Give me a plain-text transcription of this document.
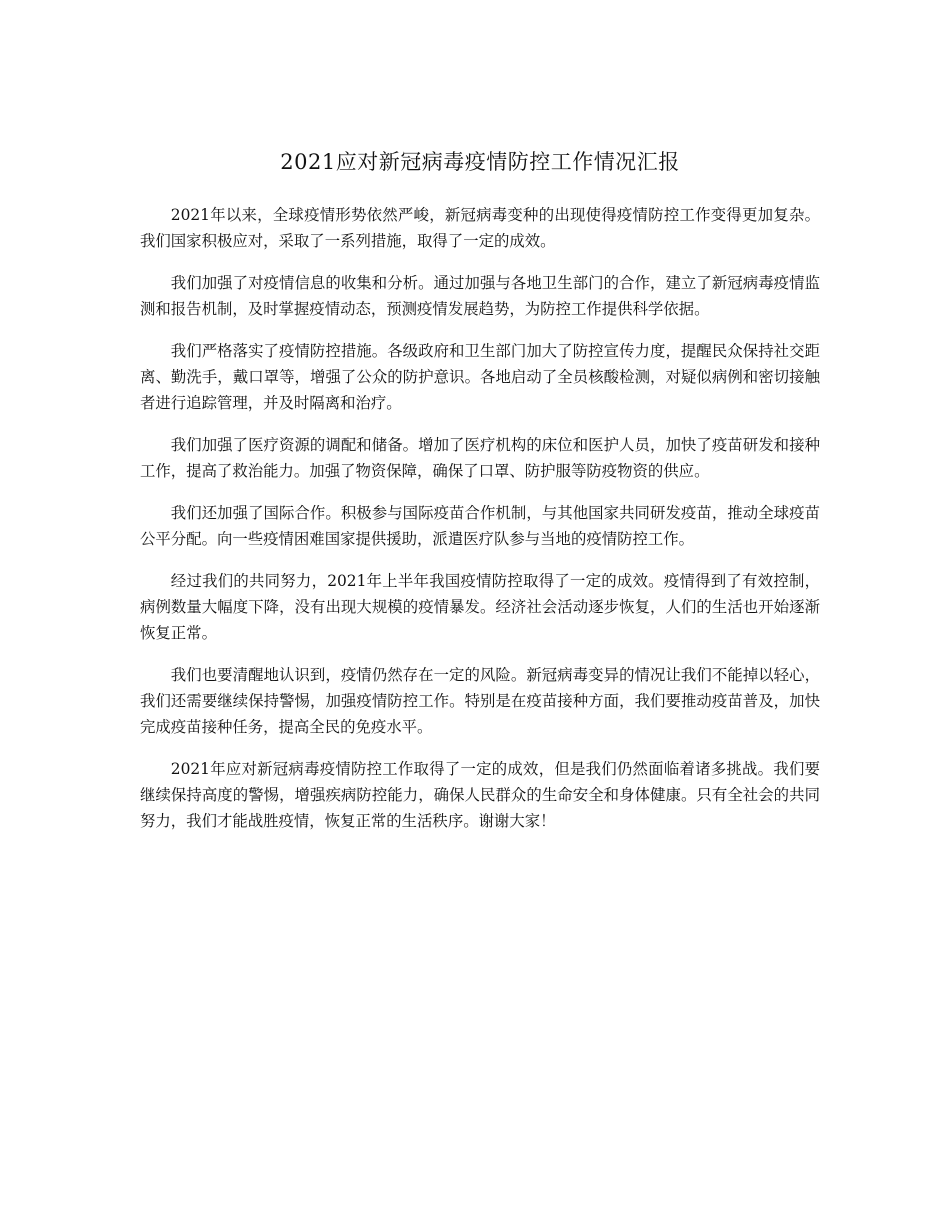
2021应对新冠病毒疫情防控工作情况汇报

2021年以来，全球疫情形势依然严峻，新冠病毒变种的出现使得疫情防控工作变得更加复杂。我们国家积极应对，采取了一系列措施，取得了一定的成效。

我们加强了对疫情信息的收集和分析。通过加强与各地卫生部门的合作，建立了新冠病毒疫情监测和报告机制，及时掌握疫情动态，预测疫情发展趋势，为防控工作提供科学依据。

我们严格落实了疫情防控措施。各级政府和卫生部门加大了防控宣传力度，提醒民众保持社交距离、勤洗手，戴口罩等，增强了公众的防护意识。各地启动了全员核酸检测，对疑似病例和密切接触者进行追踪管理，并及时隔离和治疗。

我们加强了医疗资源的调配和储备。增加了医疗机构的床位和医护人员，加快了疫苗研发和接种工作，提高了救治能力。加强了物资保障，确保了口罩、防护服等防疫物资的供应。

我们还加强了国际合作。积极参与国际疫苗合作机制，与其他国家共同研发疫苗，推动全球疫苗公平分配。向一些疫情困难国家提供援助，派遣医疗队参与当地的疫情防控工作。

经过我们的共同努力，2021年上半年我国疫情防控取得了一定的成效。疫情得到了有效控制，病例数量大幅度下降，没有出现大规模的疫情暴发。经济社会活动逐步恢复，人们的生活也开始逐渐恢复正常。

我们也要清醒地认识到，疫情仍然存在一定的风险。新冠病毒变异的情况让我们不能掉以轻心，我们还需要继续保持警惕，加强疫情防控工作。特别是在疫苗接种方面，我们要推动疫苗普及，加快完成疫苗接种任务，提高全民的免疫水平。

2021年应对新冠病毒疫情防控工作取得了一定的成效，但是我们仍然面临着诸多挑战。我们要继续保持高度的警惕，增强疾病防控能力，确保人民群众的生命安全和身体健康。只有全社会的共同努力，我们才能战胜疫情，恢复正常的生活秩序。谢谢大家！
